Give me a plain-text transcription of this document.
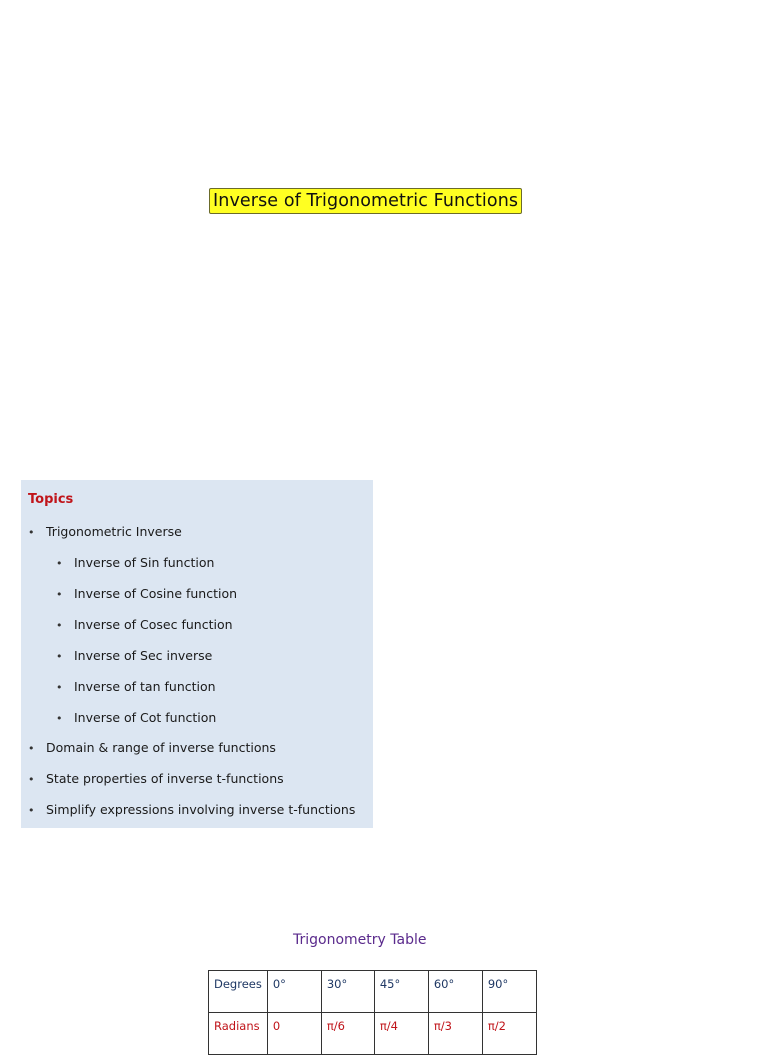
Inverse of Trigonometric Functions
Topics
• Trigonometric Inverse
• Inverse of Sin function
• Inverse of Cosine function
• Inverse of Cosec function
• Inverse of Sec inverse
• Inverse of tan function
• Inverse of Cot function
• Domain & range of inverse functions
• State properties of inverse t-functions
• Simplify expressions involving inverse t-functions
Trigonometry Table
Degrees	0°	30°	45°	60°	90°
Radians	0	π/6	π/4	π/3	π/2
